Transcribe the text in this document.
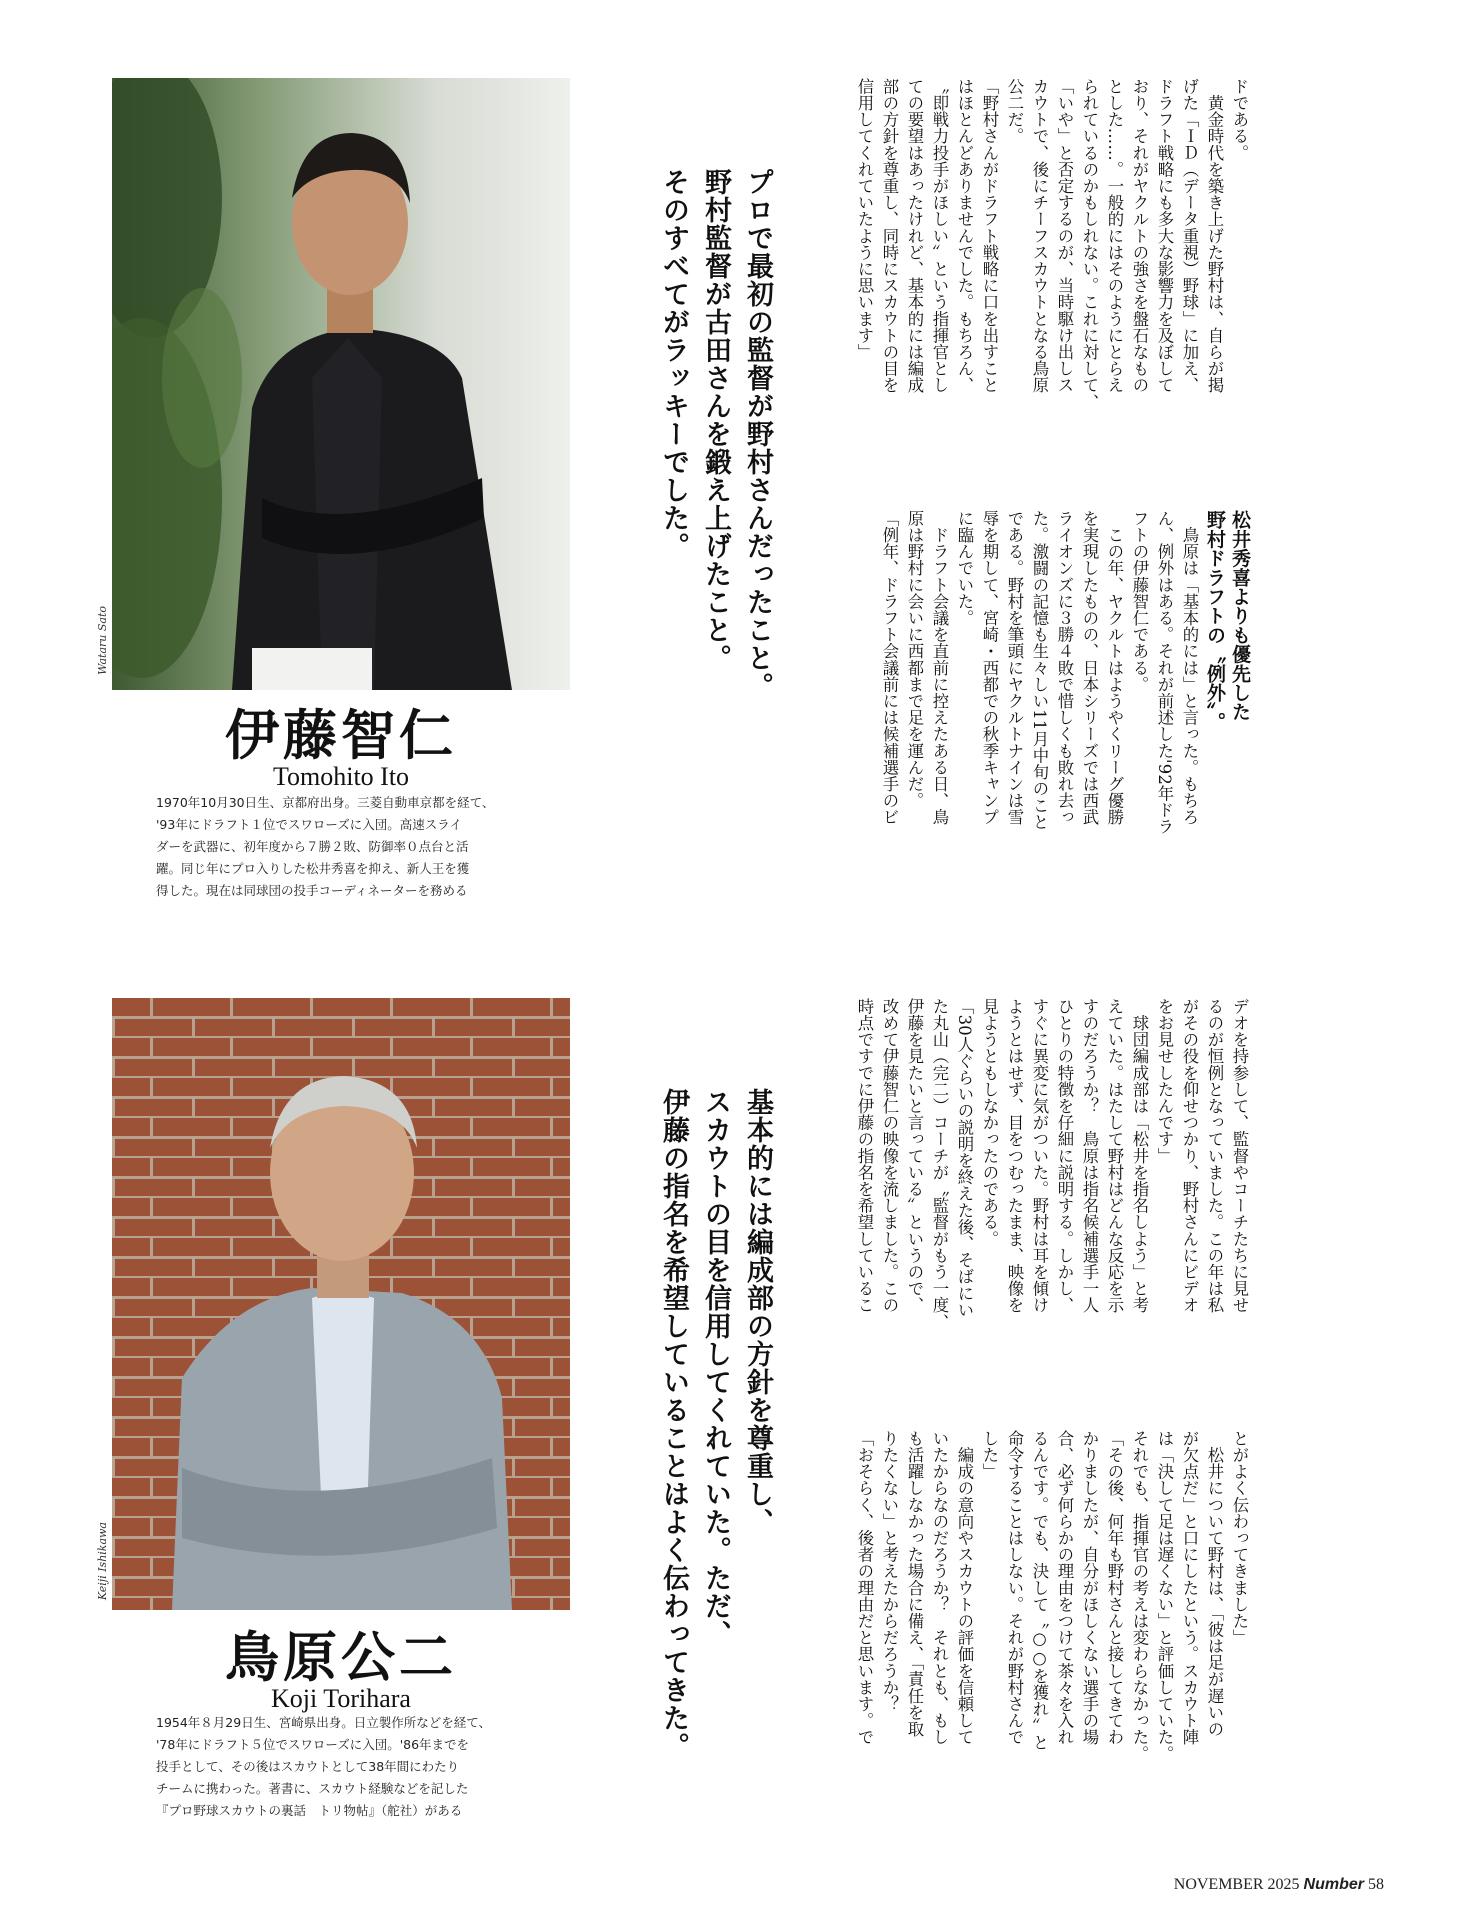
Wataru Sato
伊藤智仁
Tomohito Ito
1970年10月30日生、京都府出身。三菱自動車京都を経て、
'93年にドラフト１位でスワローズに入団。高速スライ
ダーを武器に、初年度から７勝２敗、防御率０点台と活
躍。同じ年にプロ入りした松井秀喜を抑え、新人王を獲
得した。現在は同球団の投手コーディネーターを務める
Keiji Ishikawa
鳥原公二
Koji Torihara
1954年８月29日生、宮崎県出身。日立製作所などを経て、
'78年にドラフト５位でスワローズに入団。'86年までを
投手として、その後はスカウトとして38年間にわたり
チームに携わった。著書に、スカウト経験などを記した
『プロ野球スカウトの裏話　トリ物帖』（舵社）がある
プロで最初の監督が野村さんだったこと。
野村監督が古田さんを鍛え上げたこと。
そのすべてがラッキーでした。
基本的には編成部の方針を尊重し、
スカウトの目を信用してくれていた。ただ、
伊藤の指名を希望していることはよく伝わってきた。
ドである。
　黄金時代を築き上げた野村は、自らが掲
げた「ＩＤ（データ重視）野球」に加え、
ドラフト戦略にも多大な影響力を及ぼして
おり、それがヤクルトの強さを盤石なもの
とした……。一般的にはそのようにとらえ
られているのかもしれない。これに対して、
「いや」と否定するのが、当時駆け出しス
カウトで、後にチーフスカウトとなる鳥原
公二だ。
「野村さんがドラフト戦略に口を出すこと
はほとんどありませんでした。もちろん、
〝即戦力投手がほしい〟という指揮官とし
ての要望はあったけれど、基本的には編成
部の方針を尊重し、同時にスカウトの目を
信用してくれていたように思います」
松井秀喜よりも優先した
野村ドラフトの〝例外〟。
　鳥原は「基本的には」と言った。もちろ
ん、例外はある。それが前述した'92年ドラ
フトの伊藤智仁である。
　この年、ヤクルトはようやくリーグ優勝
を実現したものの、日本シリーズでは西武
ライオンズに３勝４敗で惜しくも敗れ去っ
た。激闘の記憶も生々しい11月中旬のこと
である。野村を筆頭にヤクルトナインは雪
辱を期して、宮崎・西都での秋季キャンプ
に臨んでいた。
　ドラフト会議を直前に控えたある日、鳥
原は野村に会いに西都まで足を運んだ。
「例年、ドラフト会議前には候補選手のビ
デオを持参して、監督やコーチたちに見せ
るのが恒例となっていました。この年は私
がその役を仰せつかり、野村さんにビデオ
をお見せしたんです」
　球団編成部は「松井を指名しよう」と考
えていた。はたして野村はどんな反応を示
すのだろうか？　鳥原は指名候補選手一人
ひとりの特徴を仔細に説明する。しかし、
すぐに異変に気がついた。野村は耳を傾け
ようとはせず、目をつむったまま、映像を
見ようともしなかったのである。
「30人ぐらいの説明を終えた後、そばにい
た丸山（完二）コーチが〝監督がもう一度、
伊藤を見たいと言っている〟というので、
改めて伊藤智仁の映像を流しました。この
時点ですでに伊藤の指名を希望しているこ
とがよく伝わってきました」
　松井について野村は、「彼は足が遅いの
が欠点だ」と口にしたという。スカウト陣
は「決して足は遅くない」と評価していた。
それでも、指揮官の考えは変わらなかった。
「その後、何年も野村さんと接してきてわ
かりましたが、自分がほしくない選手の場
合、必ず何らかの理由をつけて茶々を入れ
るんです。でも、決して〝○○を獲れ〟と
命令することはしない。それが野村さんで
した」
　編成の意向やスカウトの評価を信頼して
いたからなのだろうか？　それとも、もし
も活躍しなかった場合に備え、「責任を取
りたくない」と考えたからだろうか？
「おそらく、後者の理由だと思います。で
NOVEMBER 2025 Number 58
